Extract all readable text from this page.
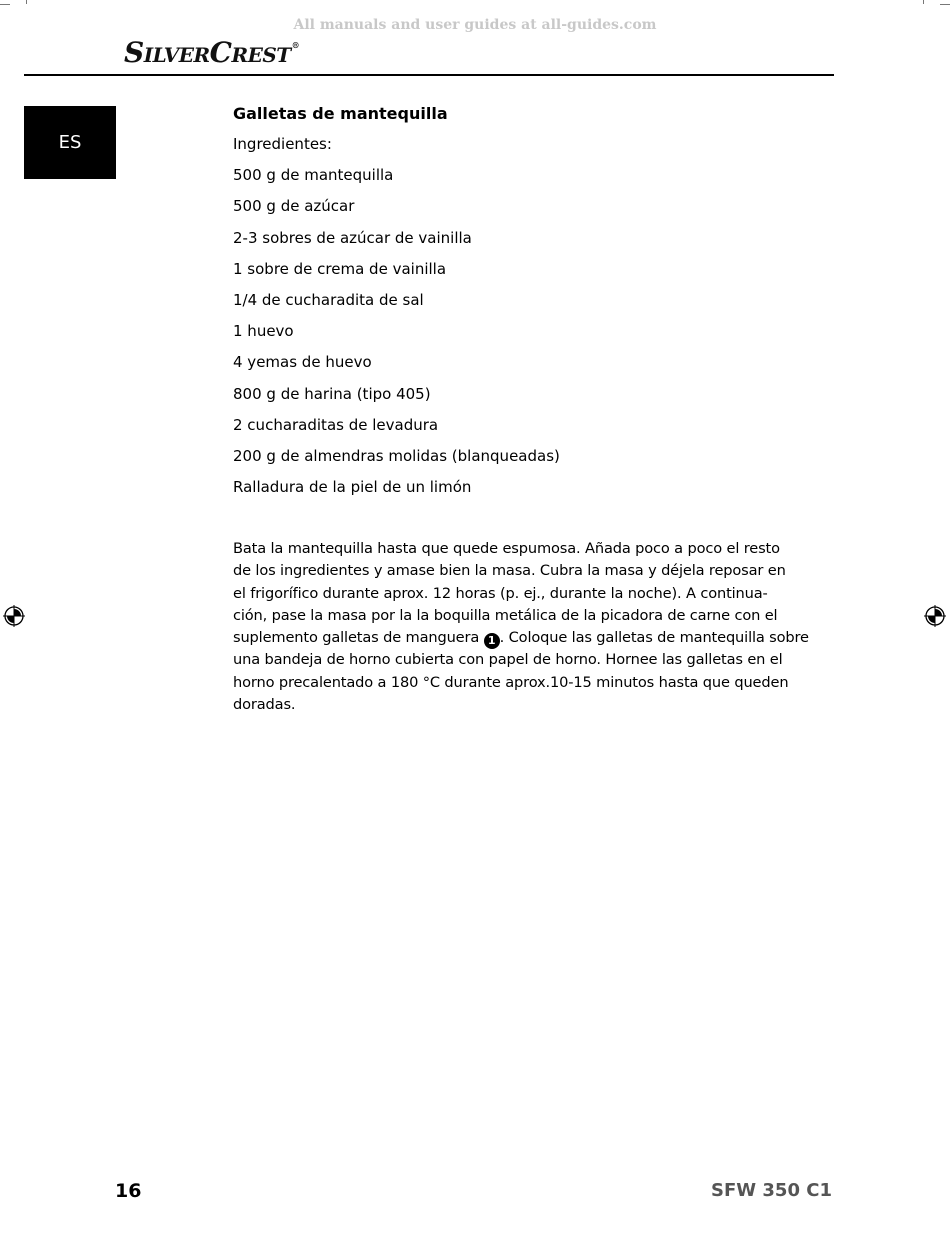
All manuals and user guides at all-guides.com
SILVERCREST®
ES
Galletas de mantequilla
Ingredientes:
500 g de mantequilla
500 g de azúcar
2-3 sobres de azúcar de vainilla
1 sobre de crema de vainilla
1/4 de cucharadita de sal
1 huevo
4 yemas de huevo
800 g de harina (tipo 405)
2 cucharaditas de levadura
200 g de almendras molidas (blanqueadas)
Ralladura de la piel de un limón

Bata la mantequilla hasta que quede espumosa. Añada poco a poco el resto
de los ingredientes y amase bien la masa. Cubra la masa y déjela reposar en
el frigorífico durante aprox. 12 horas (p. ej., durante la noche). A continua-
ción, pase la masa por la la boquilla metálica de la picadora de carne con el
suplemento galletas de manguera 1 . Coloque las galletas de mantequilla sobre
una bandeja de horno cubierta con papel de horno. Hornee las galletas en el
horno precalentado a 180 °C durante aprox.10-15 minutos hasta que queden
doradas.

16	SFW 350 C1
